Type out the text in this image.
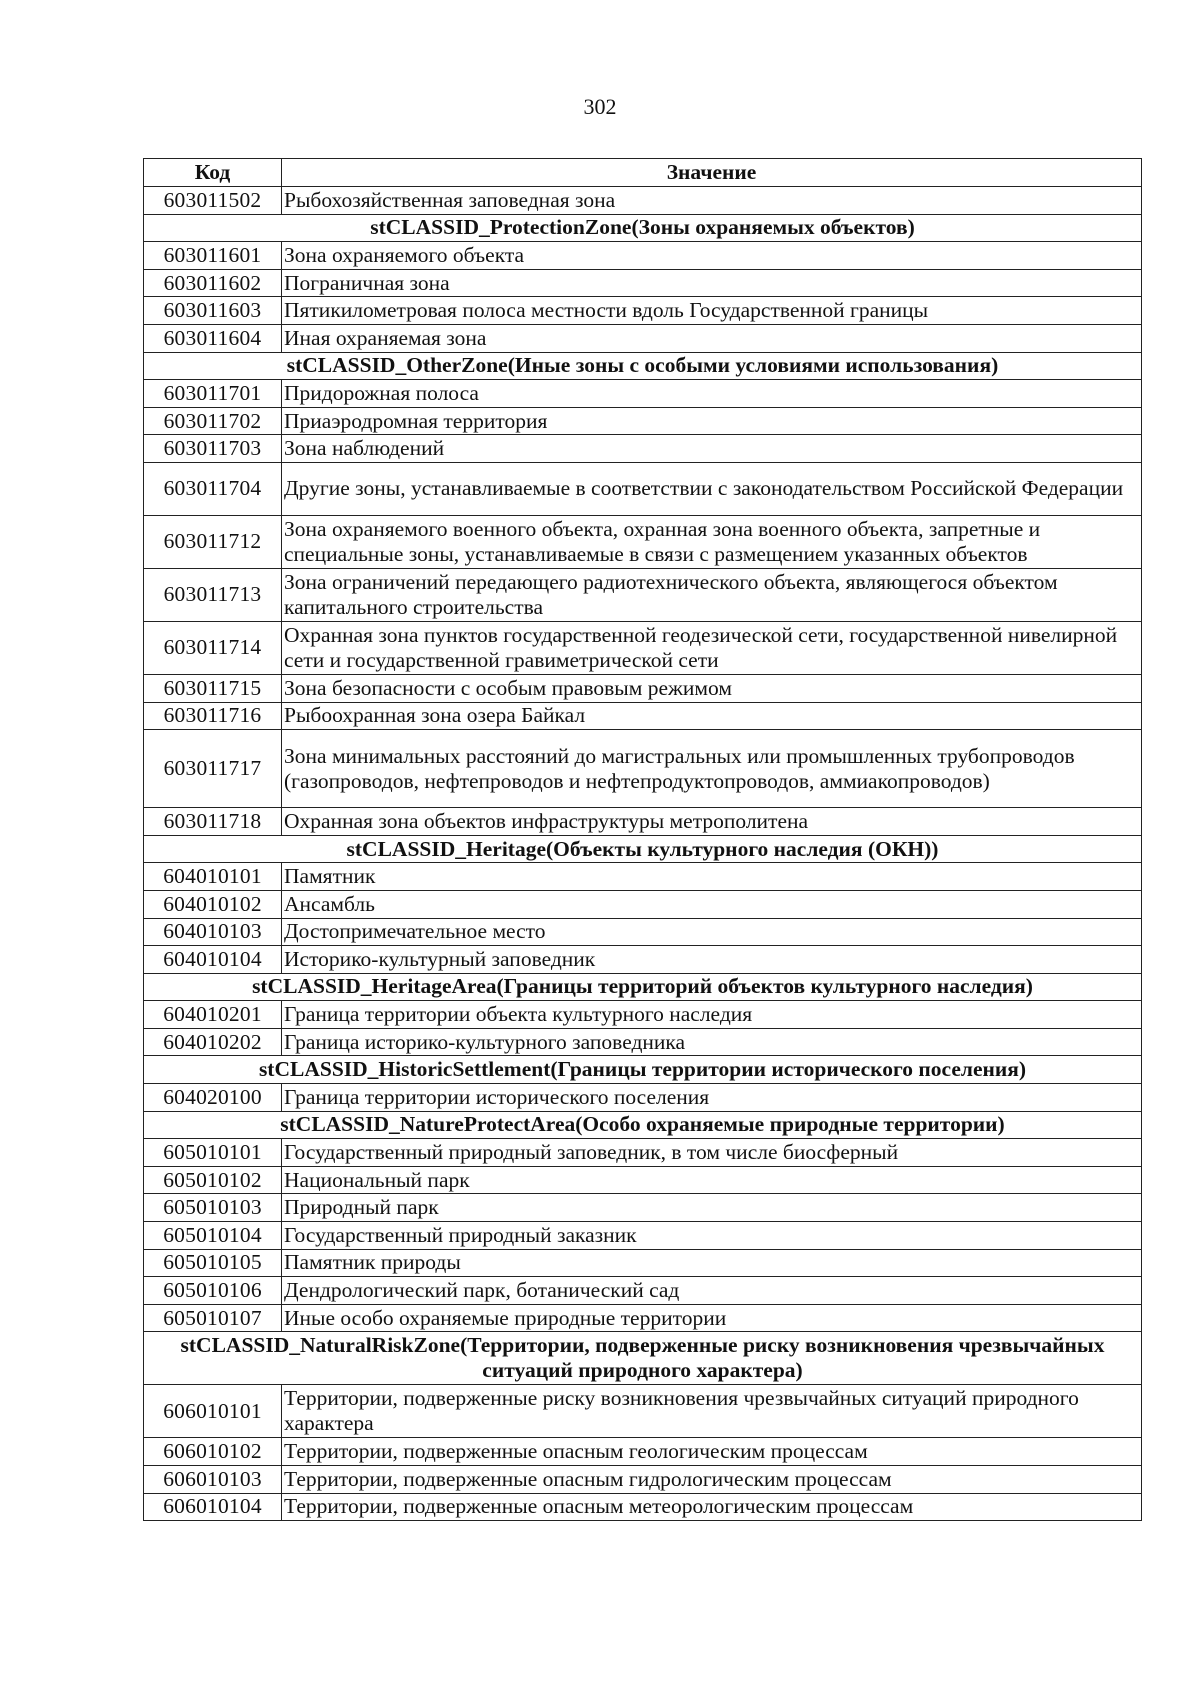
302
Код	Значение
603011502	Рыбохозяйственная заповедная зона
stCLASSID_ProtectionZone(Зоны охраняемых объектов)	
603011601	Зона охраняемого объекта
603011602	Пограничная зона
603011603	Пятикилометровая полоса местности вдоль Государственной границы
603011604	Иная охраняемая зона
stCLASSID_OtherZone(Иные зоны с особыми условиями использования)	
603011701	Придорожная полоса
603011702	Приаэродромная территория
603011703	Зона наблюдений
603011704	Другие зоны, устанавливаемые в соответствии с законодательством Российской Федерации
603011712	Зона охраняемого военного объекта, охранная зона военного объекта, запретные и специальные зоны, устанавливаемые в связи с размещением указанных объектов
603011713	Зона ограничений передающего радиотехнического объекта, являющегося объектом капитального строительства
603011714	Охранная зона пунктов государственной геодезической сети, государственной нивелирной сети и государственной гравиметрической сети
603011715	Зона безопасности с особым правовым режимом
603011716	Рыбоохранная зона озера Байкал
603011717	Зона минимальных расстояний до магистральных или промышленных трубопроводов (газопроводов, нефтепроводов и нефтепродуктопроводов, аммиакопроводов)
603011718	Охранная зона объектов инфраструктуры метрополитена
stCLASSID_Heritage(Объекты культурного наследия (ОКН))	
604010101	Памятник
604010102	Ансамбль
604010103	Достопримечательное место
604010104	Историко-культурный заповедник
stCLASSID_HeritageArea(Границы территорий объектов культурного наследия)	
604010201	Граница территории объекта культурного наследия
604010202	Граница историко-культурного заповедника
stCLASSID_HistoricSettlement(Границы территории исторического поселения)	
604020100	Граница территории исторического поселения
stCLASSID_NatureProtectArea(Особо охраняемые природные территории)	
605010101	Государственный природный заповедник, в том числе биосферный
605010102	Национальный парк
605010103	Природный парк
605010104	Государственный природный заказник
605010105	Памятник природы
605010106	Дендрологический парк, ботанический сад
605010107	Иные особо охраняемые природные территории
stCLASSID_NaturalRiskZone(Территории, подверженные риску возникновения чрезвычайных ситуаций природного характера)	
606010101	Территории, подверженные риску возникновения чрезвычайных ситуаций природного характера
606010102	Территории, подверженные опасным геологическим процессам
606010103	Территории, подверженные опасным гидрологическим процессам
606010104	Территории, подверженные опасным метеорологическим процессам
